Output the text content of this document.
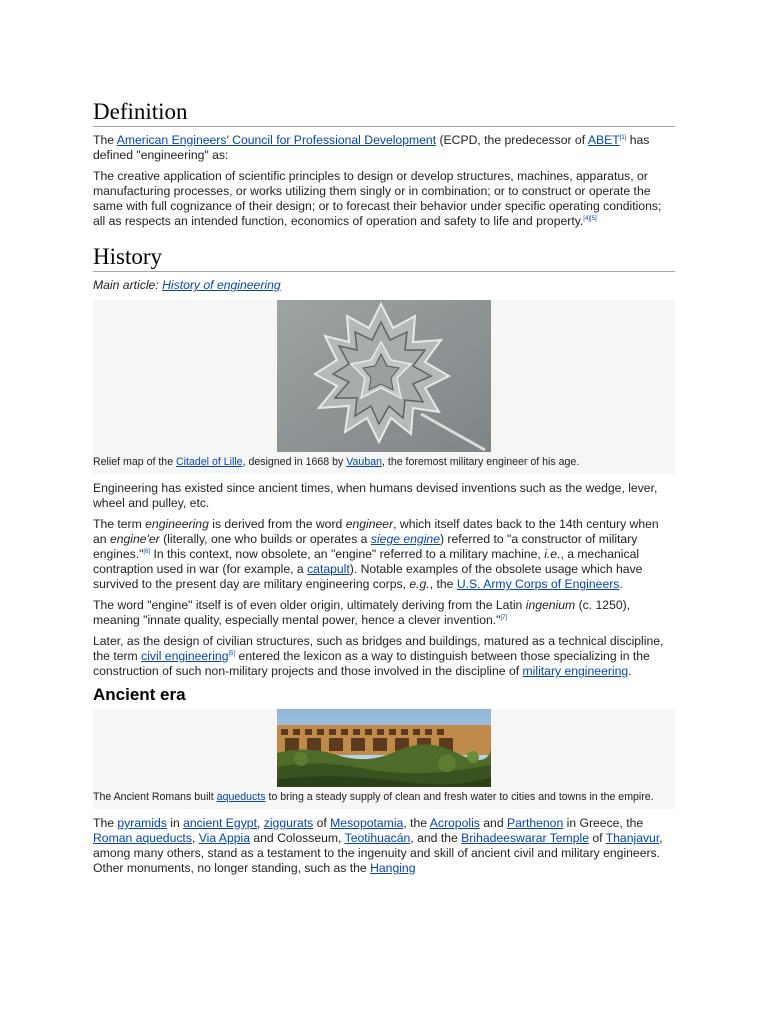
Definition

The American Engineers' Council for Professional Development (ECPD, the predecessor of ABET[1] has defined "engineering" as:

The creative application of scientific principles to design or develop structures, machines, apparatus, or manufacturing processes, or works utilizing them singly or in combination; or to construct or operate the same with full cognizance of their design; or to forecast their behavior under specific operating conditions; all as respects an intended function, economics of operation and safety to life and property.[4][5]

History
Main article: History of engineering
Relief map of the Citadel of Lille, designed in 1668 by Vauban, the foremost military engineer of his age.

Engineering has existed since ancient times, when humans devised inventions such as the wedge, lever, wheel and pulley, etc.

The term engineering is derived from the word engineer, which itself dates back to the 14th century when an engine'er (literally, one who builds or operates a siege engine) referred to "a constructor of military engines."[6] In this context, now obsolete, an "engine" referred to a military machine, i.e., a mechanical contraption used in war (for example, a catapult). Notable examples of the obsolete usage which have survived to the present day are military engineering corps, e.g., the U.S. Army Corps of Engineers.

The word "engine" itself is of even older origin, ultimately deriving from the Latin ingenium (c. 1250), meaning "innate quality, especially mental power, hence a clever invention."[7]

Later, as the design of civilian structures, such as bridges and buildings, matured as a technical discipline, the term civil engineering[5] entered the lexicon as a way to distinguish between those specializing in the construction of such non-military projects and those involved in the discipline of military engineering.

Ancient era
The Ancient Romans built aqueducts to bring a steady supply of clean and fresh water to cities and towns in the empire.

The pyramids in ancient Egypt, ziggurats of Mesopotamia, the Acropolis and Parthenon in Greece, the Roman aqueducts, Via Appia and Colosseum, Teotihuacán, and the Brihadeeswarar Temple of Thanjavur, among many others, stand as a testament to the ingenuity and skill of ancient civil and military engineers. Other monuments, no longer standing, such as the Hanging
